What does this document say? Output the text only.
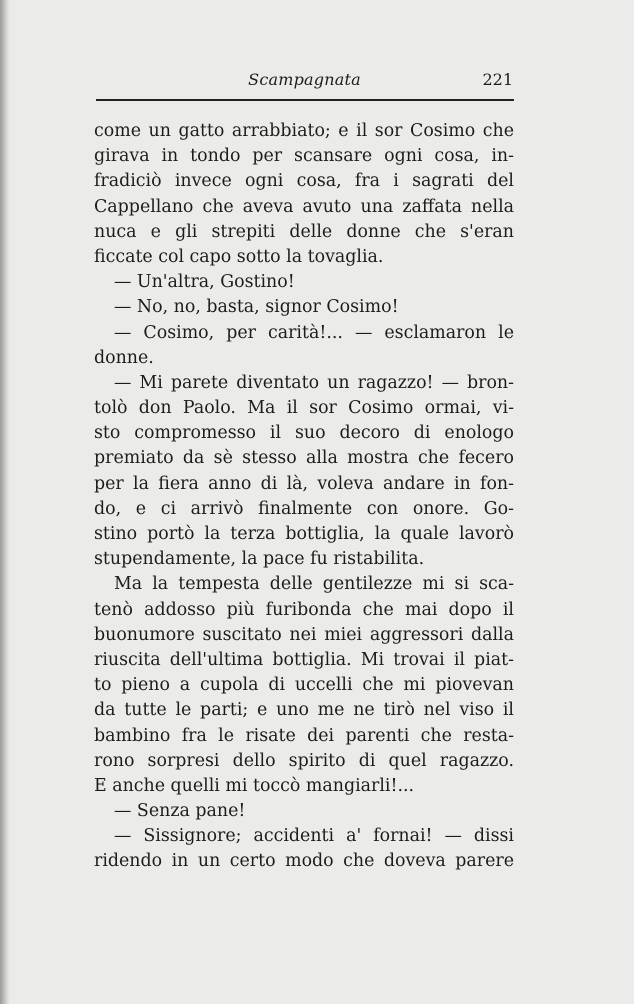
Scampagnata	221
come un gatto arrabbiato; e il sor Cosimo che
girava in tondo per scansare ogni cosa, in-
fradiciò invece ogni cosa, fra i sagrati del
Cappellano che aveva avuto una zaffata nella
nuca e gli strepiti delle donne che s'eran
ficcate col capo sotto la tovaglia.
— Un'altra, Gostino!
— No, no, basta, signor Cosimo!
— Cosimo, per carità!... — esclamaron le
donne.
— Mi parete diventato un ragazzo! — bron-
tolò don Paolo. Ma il sor Cosimo ormai, vi-
sto compromesso il suo decoro di enologo
premiato da sè stesso alla mostra che fecero
per la fiera anno di là, voleva andare in fon-
do, e ci arrivò finalmente con onore. Go-
stino portò la terza bottiglia, la quale lavorò
stupendamente, la pace fu ristabilita.
Ma la tempesta delle gentilezze mi si sca-
tenò addosso più furibonda che mai dopo il
buonumore suscitato nei miei aggressori dalla
riuscita dell'ultima bottiglia. Mi trovai il piat-
to pieno a cupola di uccelli che mi piovevan
da tutte le parti; e uno me ne tirò nel viso il
bambino fra le risate dei parenti che resta-
rono sorpresi dello spirito di quel ragazzo.
E anche quelli mi toccò mangiarli!...
— Senza pane!
— Sissignore; accidenti a' fornai! — dissi
ridendo in un certo modo che doveva parere
